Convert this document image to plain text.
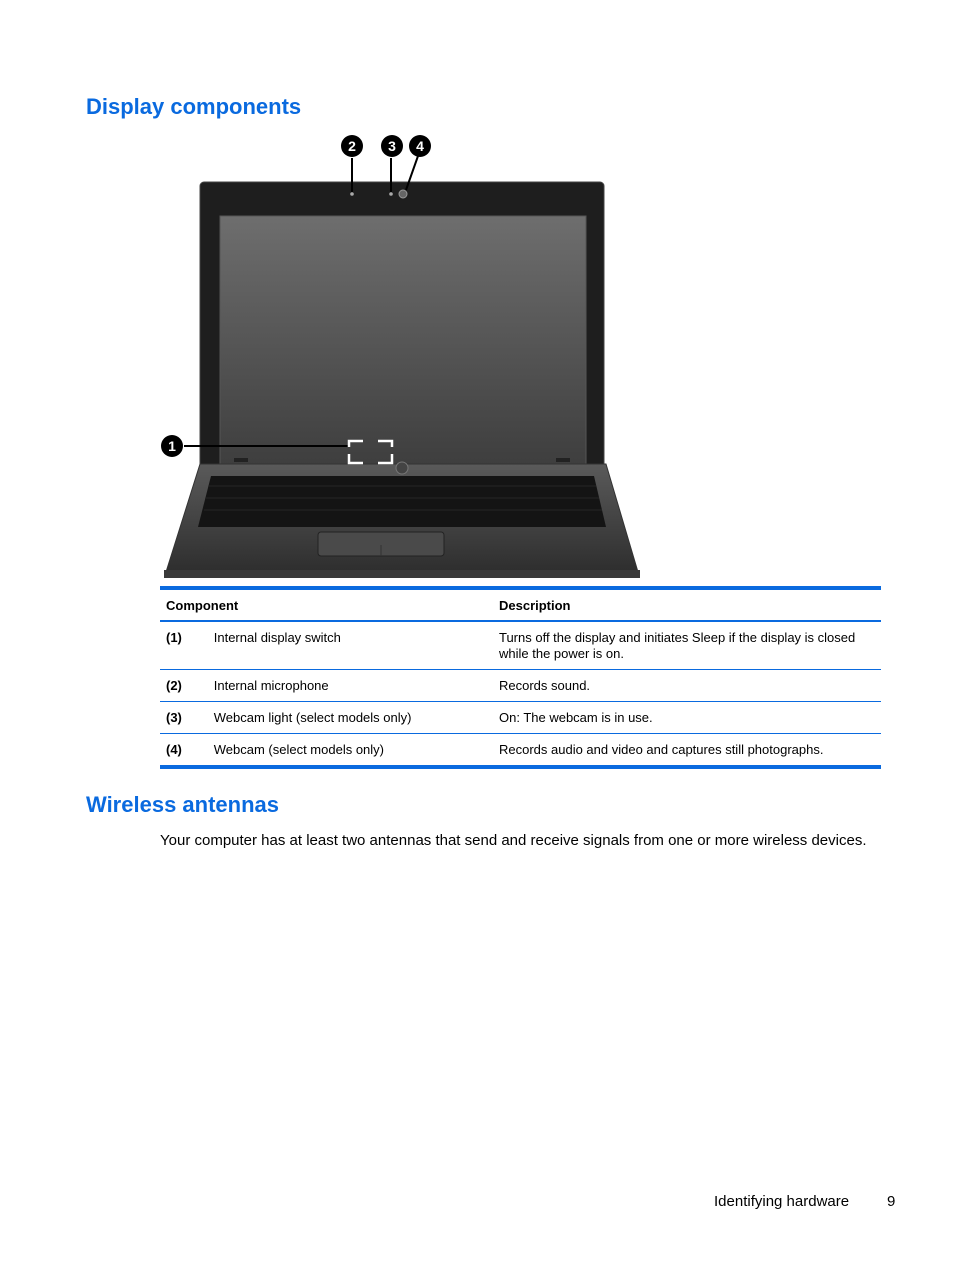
Display components
2 3 4
1
Component		Description
(1)	Internal display switch	Turns off the display and initiates Sleep if the display is closed while the power is on.
(2)	Internal microphone	Records sound.
(3)	Webcam light (select models only)	On: The webcam is in use.
(4)	Webcam (select models only)	Records audio and video and captures still photographs.
Wireless antennas

Your computer has at least two antennas that send and receive signals from one or more wireless devices.

Identifying hardware	9
